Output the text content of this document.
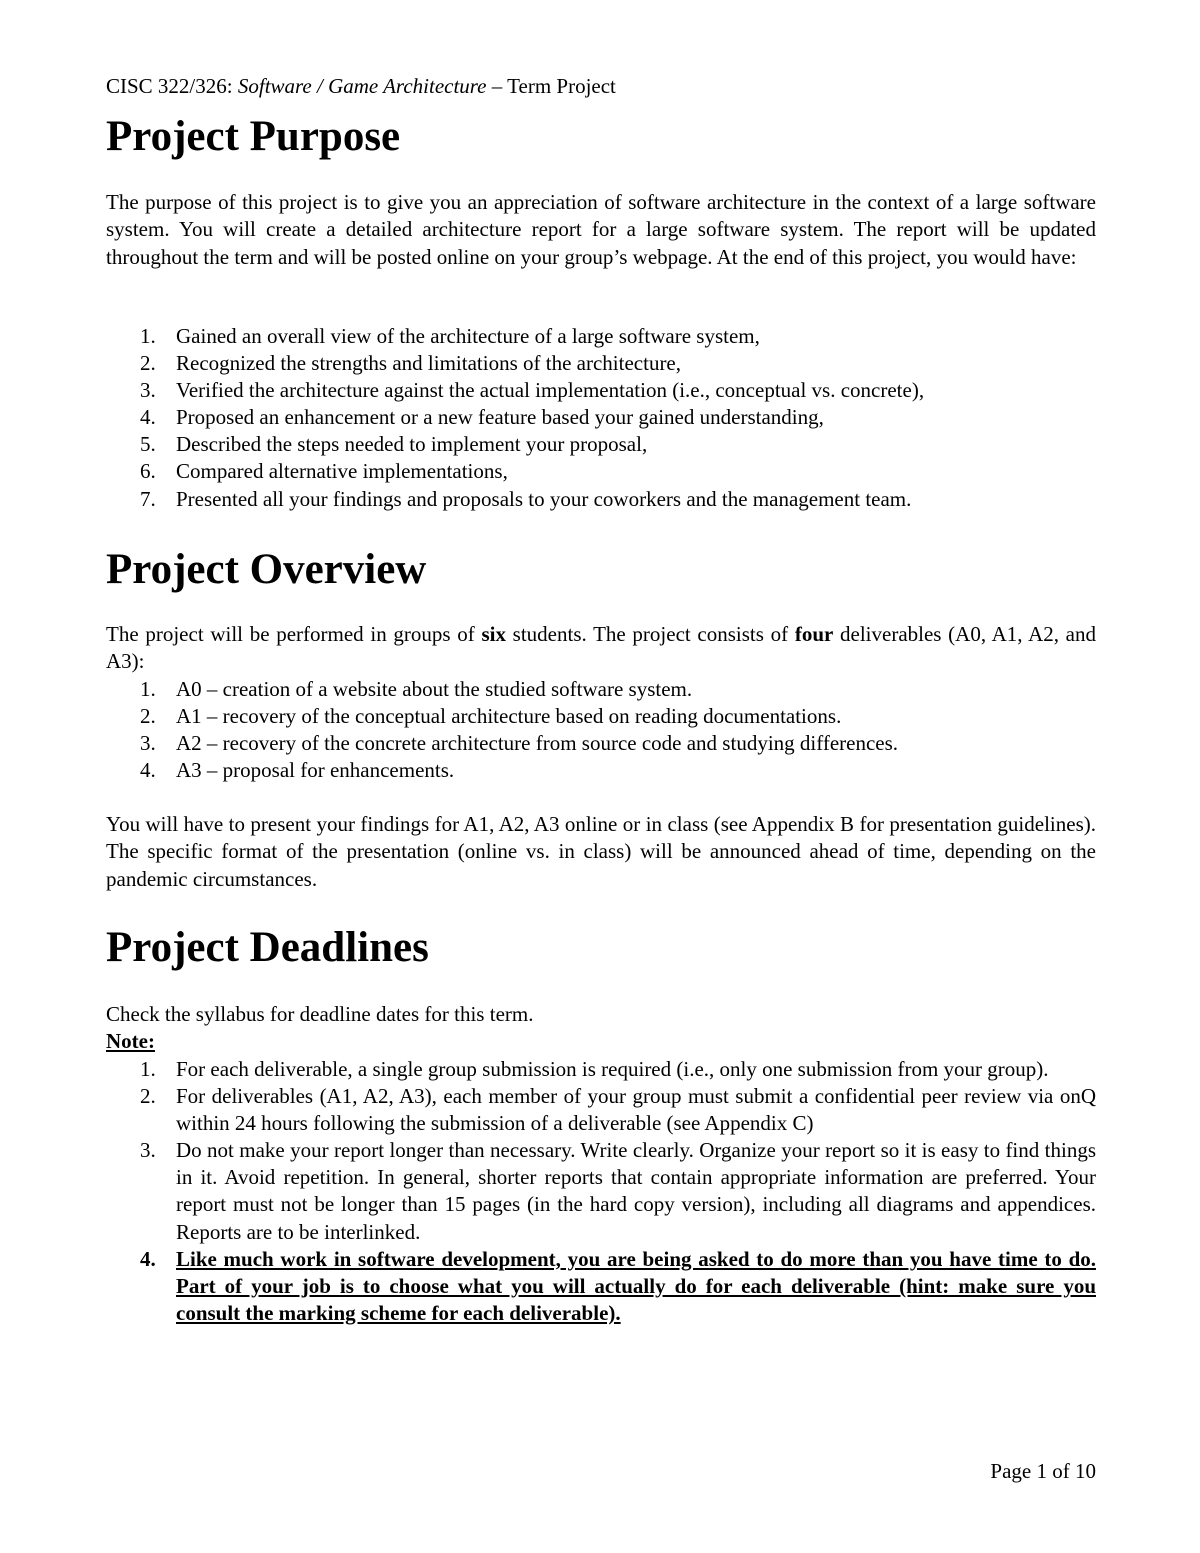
CISC 322/326: Software / Game Architecture – Term Project
Project Purpose

The purpose of this project is to give you an appreciation of software architecture in the context of a large software system. You will create a detailed architecture report for a large software system. The report will be updated throughout the term and will be posted online on your group’s webpage. At the end of this project, you would have:

1. Gained an overall view of the architecture of a large software system,
2. Recognized the strengths and limitations of the architecture,
3. Verified the architecture against the actual implementation (i.e., conceptual vs. concrete),
4. Proposed an enhancement or a new feature based your gained understanding,
5. Described the steps needed to implement your proposal,
6. Compared alternative implementations,
7. Presented all your findings and proposals to your coworkers and the management team.
Project Overview

The project will be performed in groups of six students. The project consists of four deliverables (A0, A1, A2, and A3):

1. A0 – creation of a website about the studied software system.
2. A1 – recovery of the conceptual architecture based on reading documentations.
3. A2 – recovery of the concrete architecture from source code and studying differences.
4. A3 – proposal for enhancements.

You will have to present your findings for A1, A2, A3 online or in class (see Appendix B for presentation guidelines). The specific format of the presentation (online vs. in class) will be announced ahead of time, depending on the pandemic circumstances.

Project Deadlines

Check the syllabus for deadline dates for this term.

Note:

1. For each deliverable, a single group submission is required (i.e., only one submission from your group).
2. For deliverables (A1, A2, A3), each member of your group must submit a confidential peer review via onQ within 24 hours following the submission of a deliverable (see Appendix C)
3. Do not make your report longer than necessary. Write clearly. Organize your report so it is easy to find things in it. Avoid repetition. In general, shorter reports that contain appropriate information are preferred. Your report must not be longer than 15 pages (in the hard copy version), including all diagrams and appendices. Reports are to be interlinked.
4. Like much work in software development, you are being asked to do more than you have time to do. Part of your job is to choose what you will actually do for each deliverable (hint: make sure you consult the marking scheme for each deliverable).
Page 1 of 10
